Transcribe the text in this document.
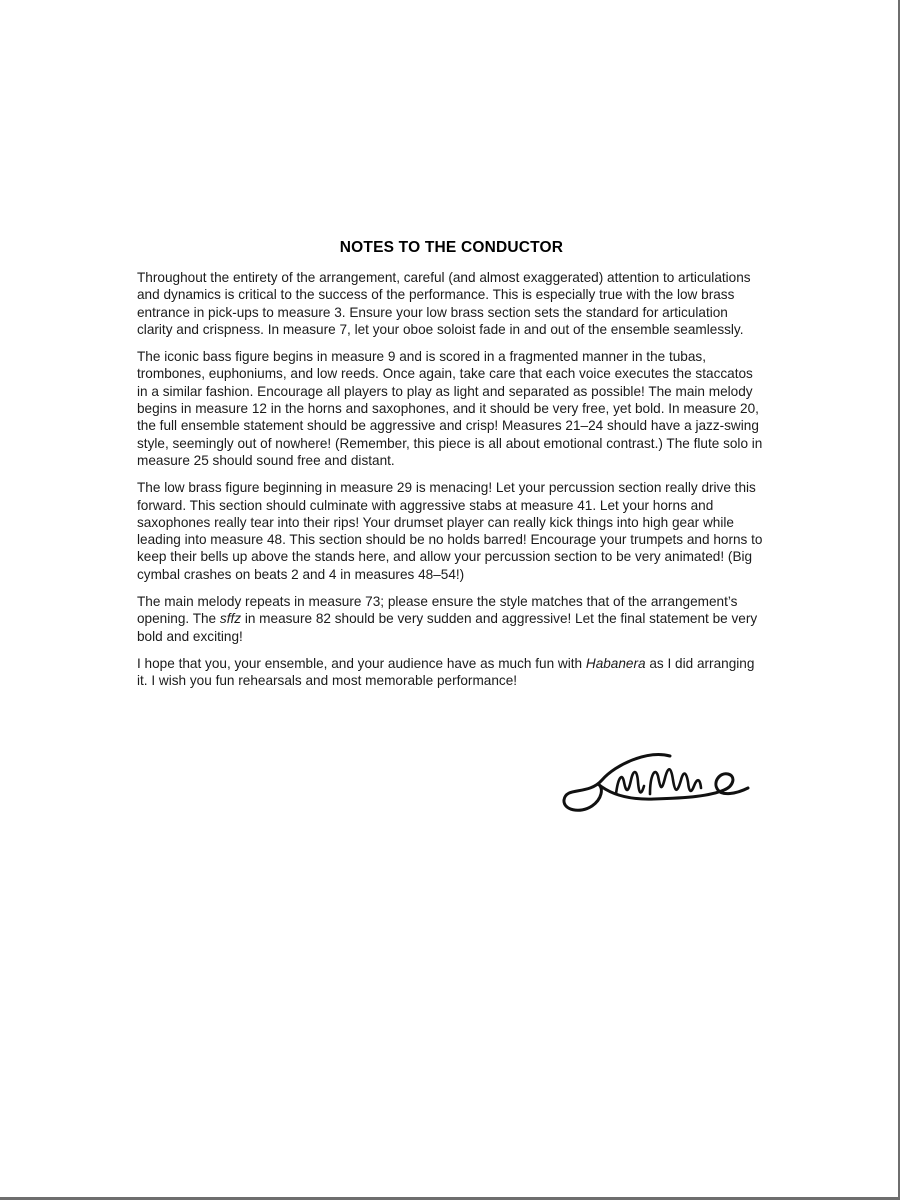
NOTES TO THE CONDUCTOR

Throughout the entirety of the arrangement, careful (and almost exaggerated) attention to articulations and dynamics is critical to the success of the performance. This is especially true with the low brass entrance in pick-ups to measure 3. Ensure your low brass section sets the standard for articulation clarity and crispness. In measure 7, let your oboe soloist fade in and out of the ensemble seamlessly.

The iconic bass figure begins in measure 9 and is scored in a fragmented manner in the tubas, trombones, euphoniums, and low reeds. Once again, take care that each voice executes the staccatos in a similar fashion. Encourage all players to play as light and separated as possible! The main melody begins in measure 12 in the horns and saxophones, and it should be very free, yet bold. In measure 20, the full ensemble statement should be aggressive and crisp! Measures 21–24 should have a jazz-swing style, seemingly out of nowhere! (Remember, this piece is all about emotional contrast.) The flute solo in measure 25 should sound free and distant.

The low brass figure beginning in measure 29 is menacing! Let your percussion section really drive this forward. This section should culminate with aggressive stabs at measure 41. Let your horns and saxophones really tear into their rips! Your drumset player can really kick things into high gear while leading into measure 48. This section should be no holds barred! Encourage your trumpets and horns to keep their bells up above the stands here, and allow your percussion section to be very animated! (Big cymbal crashes on beats 2 and 4 in measures 48–54!)

The main melody repeats in measure 73; please ensure the style matches that of the arrangement’s opening. The sffz in measure 82 should be very sudden and aggressive! Let the final statement be very bold and exciting!

I hope that you, your ensemble, and your audience have as much fun with Habanera as I did arranging it. I wish you fun rehearsals and most memorable performance!
